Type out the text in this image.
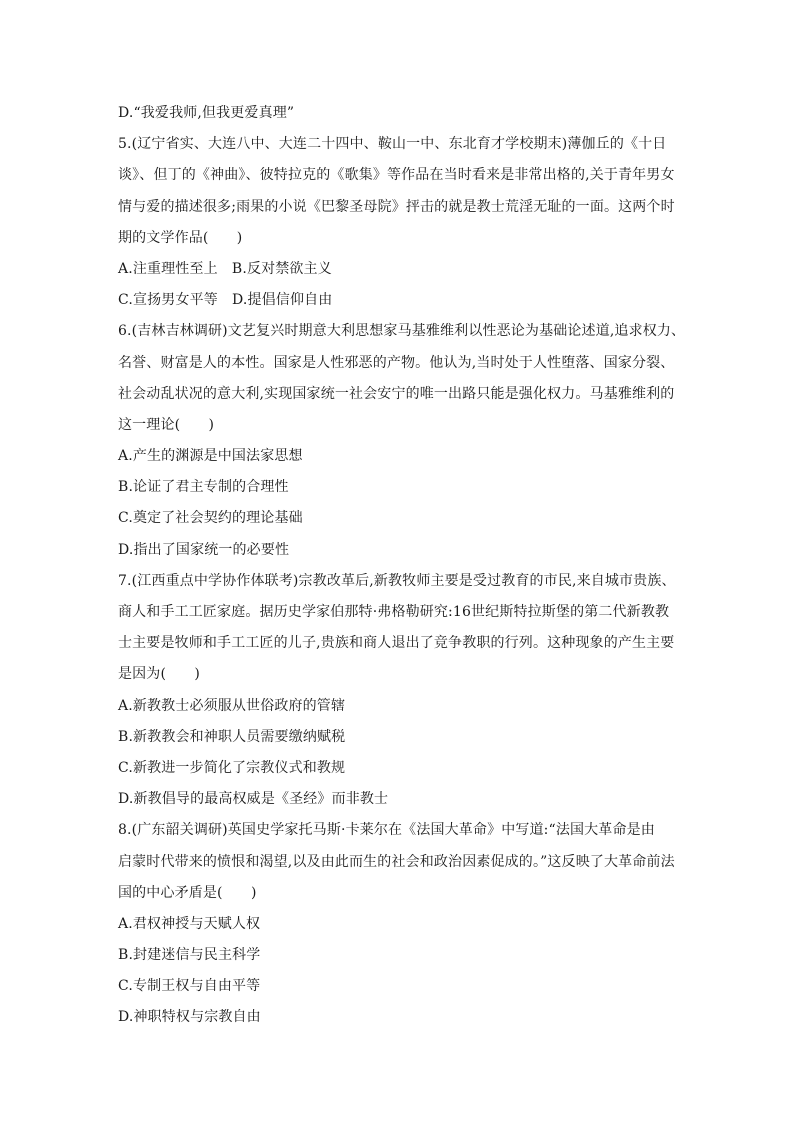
D.“我爱我师,但我更爱真理”
5.(辽宁省实、大连八中、大连二十四中、鞍山一中、东北育才学校期末)薄伽丘的《十日
谈》、但丁的《神曲》、彼特拉克的《歌集》等作品在当时看来是非常出格的,关于青年男女
情与爱的描述很多;雨果的小说《巴黎圣母院》抨击的就是教士荒淫无耻的一面。这两个时
期的文学作品(　　)
A.注重理性至上　B.反对禁欲主义
C.宣扬男女平等　D.提倡信仰自由
6.(吉林吉林调研)文艺复兴时期意大利思想家马基雅维利以性恶论为基础论述道,追求权力、
名誉、财富是人的本性。国家是人性邪恶的产物。他认为,当时处于人性堕落、国家分裂、
社会动乱状况的意大利,实现国家统一社会安宁的唯一出路只能是强化权力。马基雅维利的
这一理论(　　)
A.产生的渊源是中国法家思想
B.论证了君主专制的合理性
C.奠定了社会契约的理论基础
D.指出了国家统一的必要性
7.(江西重点中学协作体联考)宗教改革后,新教牧师主要是受过教育的市民,来自城市贵族、
商人和手工工匠家庭。据历史学家伯那特·弗格勒研究:16世纪斯特拉斯堡的第二代新教教
士主要是牧师和手工工匠的儿子,贵族和商人退出了竞争教职的行列。这种现象的产生主要
是因为(　　)
A.新教教士必须服从世俗政府的管辖
B.新教教会和神职人员需要缴纳赋税
C.新教进一步简化了宗教仪式和教规
D.新教倡导的最高权威是《圣经》而非教士
8.(广东韶关调研)英国史学家托马斯·卡莱尔在《法国大革命》中写道:“法国大革命是由
启蒙时代带来的愤恨和渴望,以及由此而生的社会和政治因素促成的。”这反映了大革命前法
国的中心矛盾是(　　)
A.君权神授与天赋人权
B.封建迷信与民主科学
C.专制王权与自由平等
D.神职特权与宗教自由
